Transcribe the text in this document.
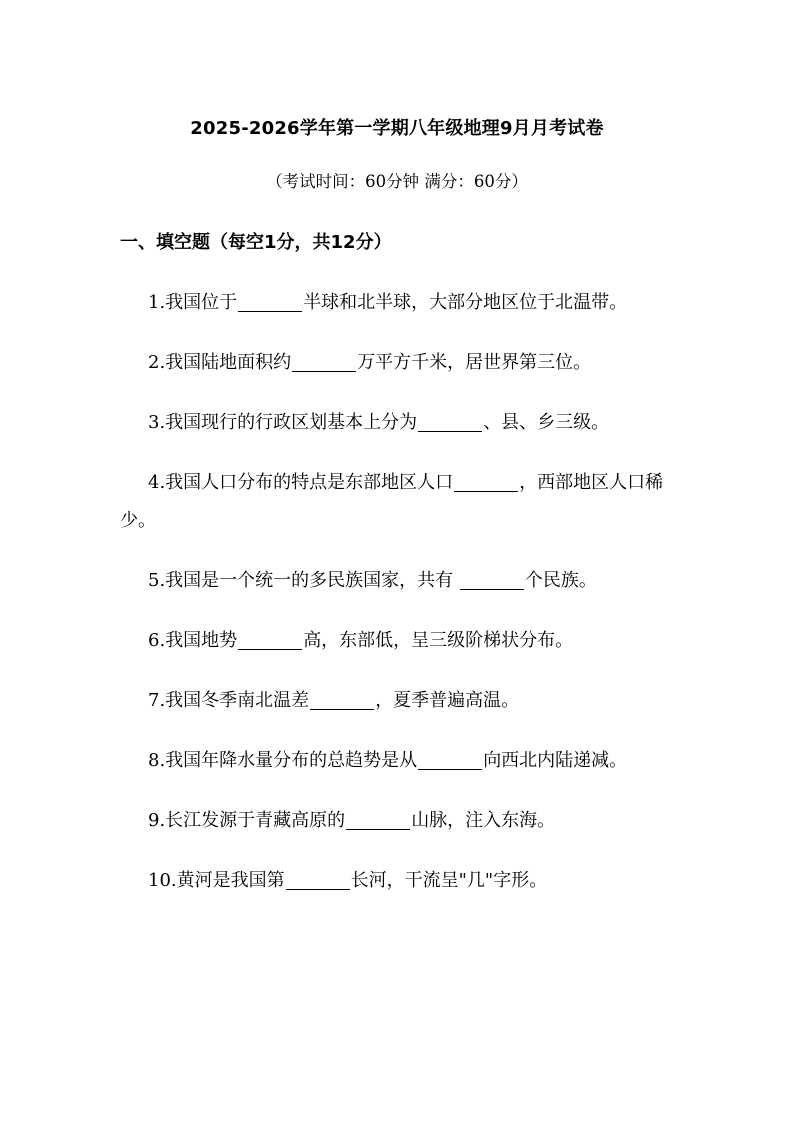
2025-2026学年第一学期八年级地理9月月考试卷
（考试时间：60分钟 满分：60分）
一、填空题（每空1分，共12分）

1.我国位于	半球和北半球，大部分地区位于北温带。

2.我国陆地面积约	万平方千米，居世界第三位。

3.我国现行的行政区划基本上分为	、县、乡三级。

4.我国人口分布的特点是东部地区人口	，西部地区人口稀少。

5.我国是一个统一的多民族国家，共有	个民族。

6.我国地势	高，东部低，呈三级阶梯状分布。

7.我国冬季南北温差	，夏季普遍高温。

8.我国年降水量分布的总趋势是从	向西北内陆递减。

9.长江发源于青藏高原的	山脉，注入东海。

10.黄河是我国第	长河，干流呈"几"字形。
